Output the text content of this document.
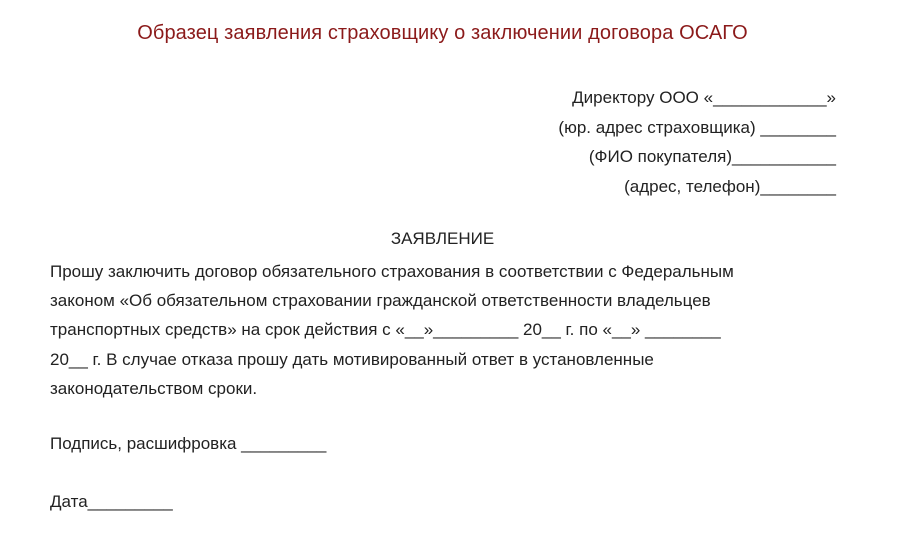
Образец заявления страховщику о заключении договора ОСАГО
Директору ООО «____________»
(юр. адрес страховщика) ________
(ФИО покупателя)___________
(адрес, телефон)________
ЗАЯВЛЕНИЕ
Прошу заключить договор обязательного страхования в соответствии с Федеральным
законом «Об обязательном страховании гражданской ответственности владельцев
транспортных средств» на срок действия с «__»_________ 20__ г. по «__» ________
20__ г. В случае отказа прошу дать мотивированный ответ в установленные
законодательством сроки.
Подпись, расшифровка _________
Дата_________
